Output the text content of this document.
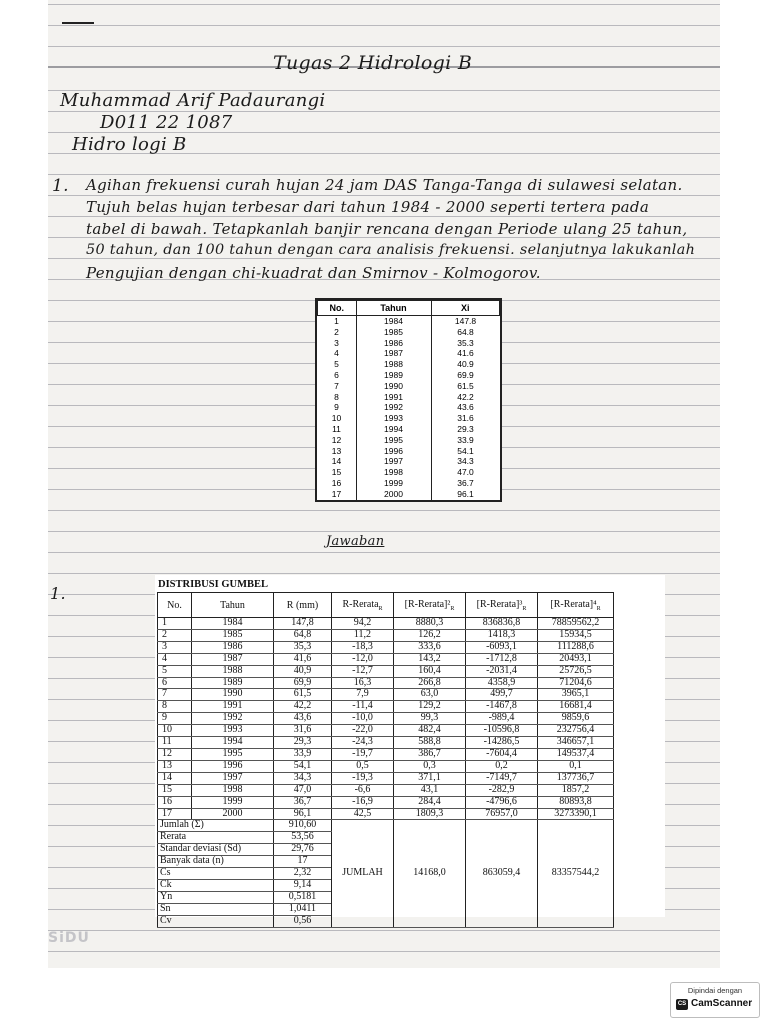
Tugas 2 Hidrologi B
Muhammad Arif Padaurangi
D011 22 1087
Hidro logi B
1. Agihan frekuensi curah hujan 24 jam DAS Tanga-Tanga di sulawesi selatan.
Tujuh belas hujan terbesar dari tahun 1984 - 2000 seperti tertera pada
tabel di bawah. Tetapkanlah banjir rencana dengan Periode ulang 25 tahun,
50 tahun, dan 100 tahun dengan cara analisis frekuensi. selanjutnya lakukanlah
Pengujian dengan chi-kuadrat dan Smirnov - Kolmogorov.
No.	Tahun	Xi
1	1984	147.8
2	1985	64.8
3	1986	35.3
4	1987	41.6
5	1988	40.9
6	1989	69.9
7	1990	61.5
8	1991	42.2
9	1992	43.6
10	1993	31.6
11	1994	29.3
12	1995	33.9
13	1996	54.1
14	1997	34.3
15	1998	47.0
16	1999	36.7
17	2000	96.1
Jawaban
1.	DISTRIBUSI GUMBEL
No.	Tahun	R (mm)	R-Rerata$_R$	$[R-Rerata]^2_R$	$[R-Rerata]^3_R$	$[R-Rerata]^4_R$
1	1984	147,8	94,2	8880,3	836836,8	78859562,2
2	1985	64,8	11,2	126,2	1418,3	15934,5
3	1986	35,3	-18,3	333,6	-6093,1	111288,6
4	1987	41,6	-12,0	143,2	-1712,8	20493,1
5	1988	40,9	-12,7	160,4	-2031,4	25726,5
6	1989	69,9	16,3	266,8	4358,9	71204,6
7	1990	61,5	7,9	63,0	499,7	3965,1
8	1991	42,2	-11,4	129,2	-1467,8	16681,4
9	1992	43,6	-10,0	99,3	-989,4	9859,6
10	1993	31,6	-22,0	482,4	-10596,8	232756,4
11	1994	29,3	-24,3	588,8	-14286,5	346657,1
12	1995	33,9	-19,7	386,7	-7604,4	149537,4
13	1996	54,1	0,5	0,3	0,2	0,1
14	1997	34,3	-19,3	371,1	-7149,7	137736,7
15	1998	47,0	-6,6	43,1	-282,9	1857,2
16	1999	36,7	-16,9	284,4	-4796,6	80893,8
17	2000	96,1	42,5	1809,3	76957,0	3273390,1
Jumlah (Σ)		910,60	JUMLAH	14168,0	863059,4	83357544,2
Rerata		53,56				
Standar deviasi (Sd)		29,76				
Banyak data (n)		17				
Cs		2,32				
Ck		9,14				
Yn		0,5181				
Sn		1,0411				
Cv		0,56				
SiDU
Dipindai dengan
CS CamScanner
